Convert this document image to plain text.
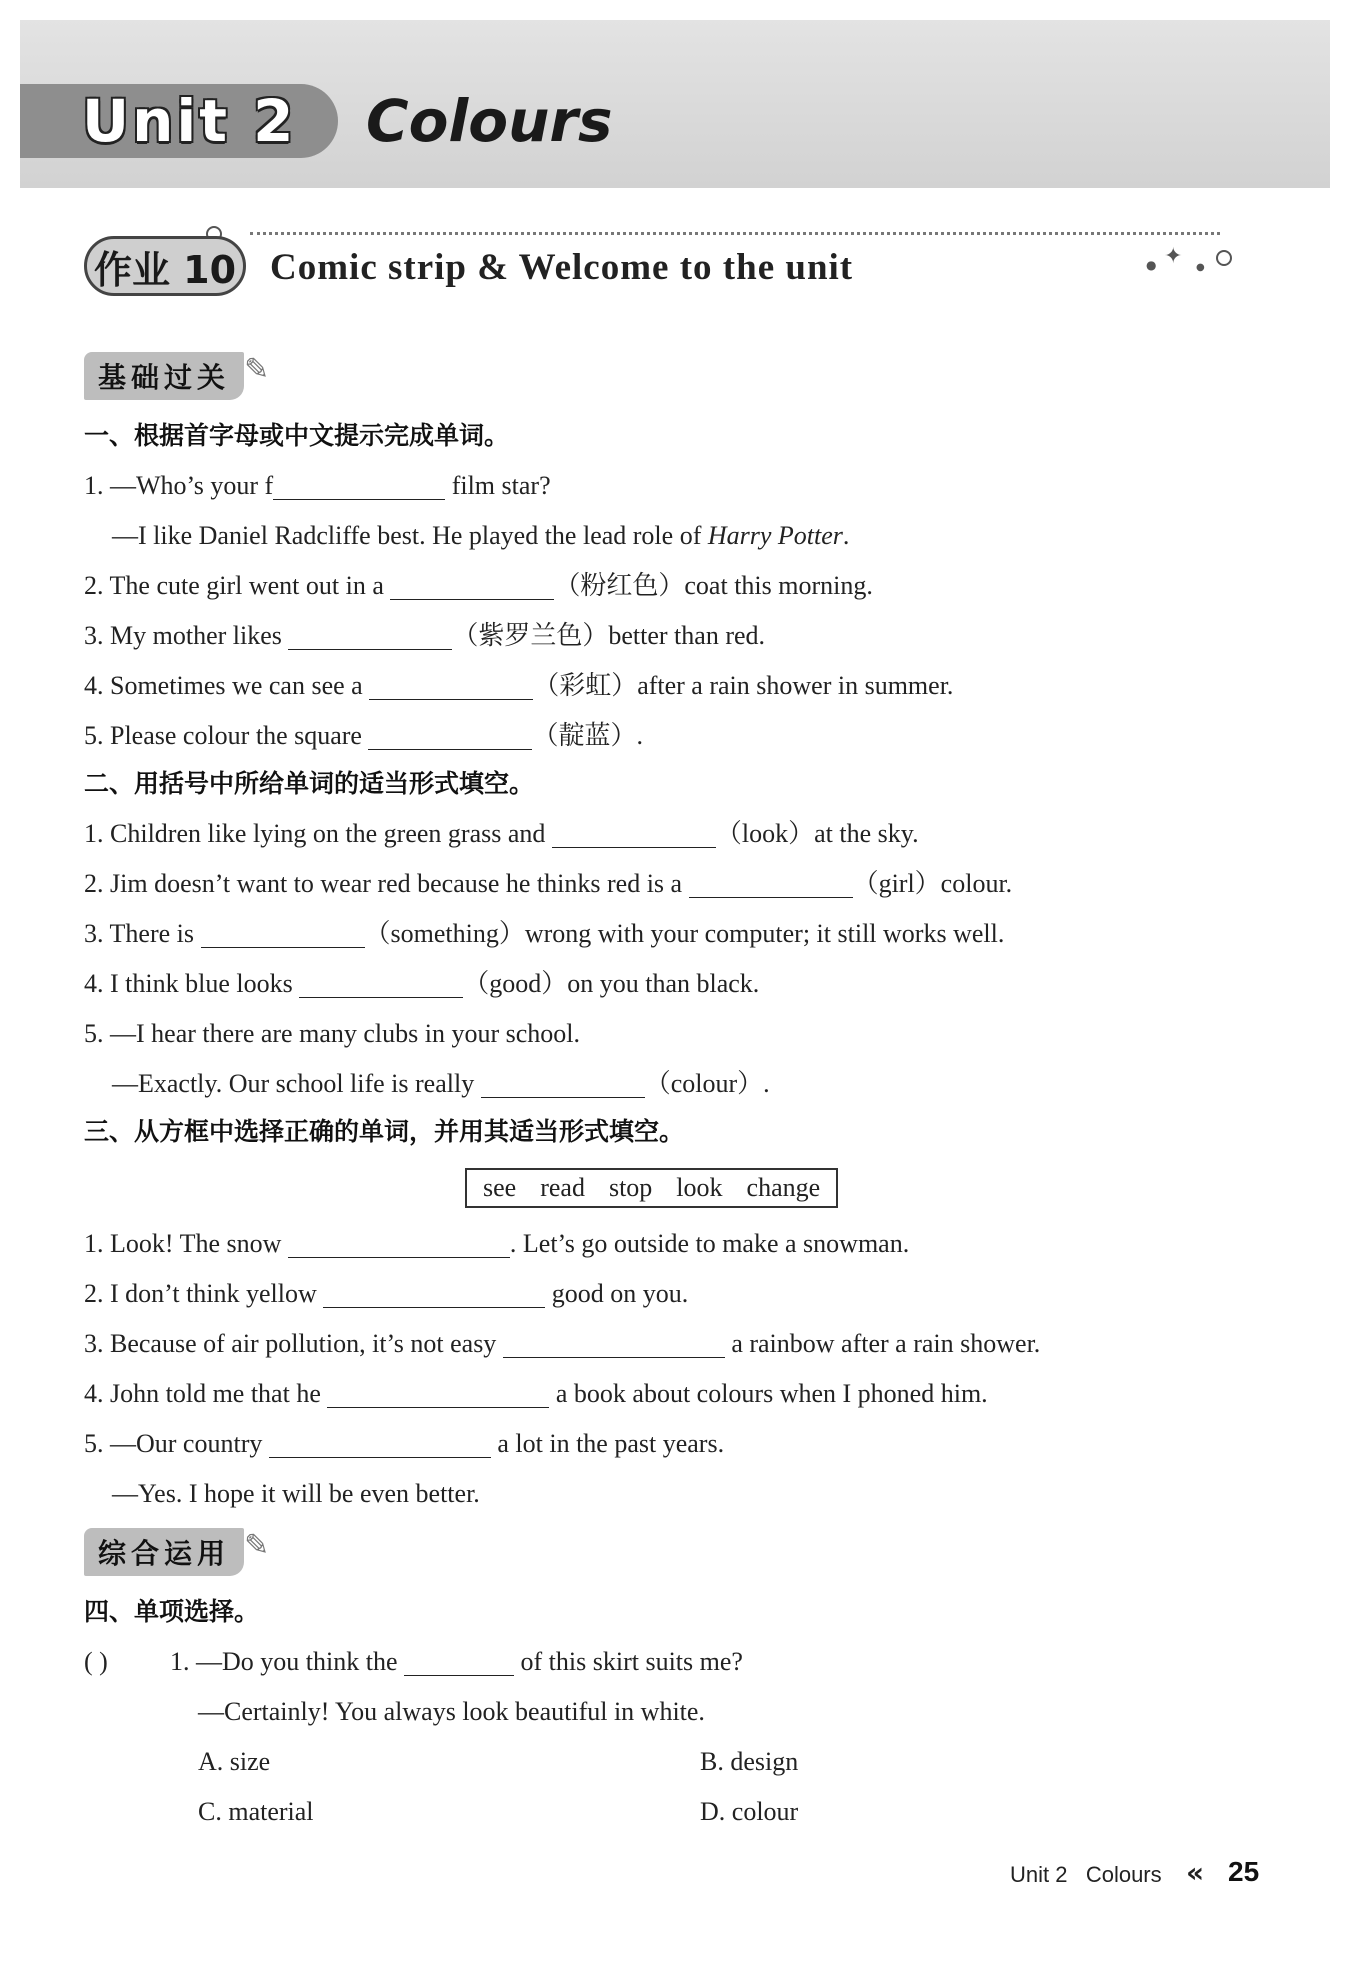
Unit 2 Colours
✦
●	●
作业 10 Comic strip & Welcome to the unit
基础过关 ✎
一、根据首字母或中文提示完成单词。
1. —Who’s your f	film star?
—I like Daniel Radcliffe best. He played the lead role of Harry Potter.
2. The cute girl went out in a	（粉红色）coat this morning.
3. My mother likes	（紫罗兰色）better than red.
4. Sometimes we can see a	（彩虹）after a rain shower in summer.
5. Please colour the square	（靛蓝）.
二、用括号中所给单词的适当形式填空。
1. Children like lying on the green grass and	（look）at the sky.
2. Jim doesn’t want to wear red because he thinks red is a	（girl）colour.
3. There is	（something）wrong with your computer; it still works well.
4. I think blue looks	（good）on you than black.
5. —I hear there are many clubs in your school.
—Exactly. Our school life is really	（colour）.
三、从方框中选择正确的单词，并用其适当形式填空。
see read stop look change
1. Look! The snow	. Let’s go outside to make a snowman.
2. I don’t think yellow	good on you.
3. Because of air pollution, it’s not easy	a rainbow after a rain shower.
4. John told me that he	a book about colours when I phoned him.
5. —Our country	a lot in the past years.
—Yes. I hope it will be even better.
综合运用 ✎
四、单项选择。
( ) 1. —Do you think the	of this skirt suits me?
—Certainly! You always look beautiful in white.
A. size	B. design
C. material	D. colour
Unit 2 Colours « 25
